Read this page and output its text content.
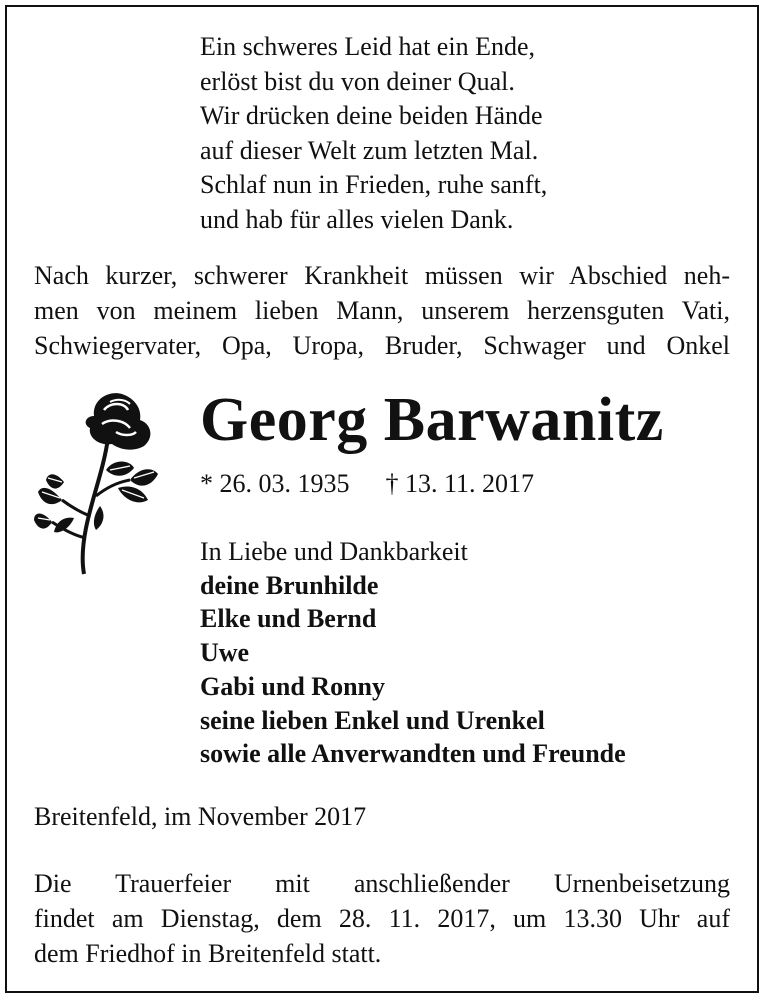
Ein schweres Leid hat ein Ende,
erlöst bist du von deiner Qual.
Wir drücken deine beiden Hände
auf dieser Welt zum letzten Mal.
Schlaf nun in Frieden, ruhe sanft,
und hab für alles vielen Dank.
Nach kurzer, schwerer Krankheit müssen wir Abschied neh-
men von meinem lieben Mann, unserem herzensguten Vati,
Schwiegervater, Opa, Uropa, Bruder, Schwager und Onkel
Georg Barwanitz
* 26. 03. 1935 † 13. 11. 2017
In Liebe und Dankbarkeit
deine Brunhilde
Elke und Bernd
Uwe
Gabi und Ronny
seine lieben Enkel und Urenkel
sowie alle Anverwandten und Freunde
Breitenfeld, im November 2017
Die Trauerfeier mit anschließender Urnenbeisetzung
findet am Dienstag, dem 28. 11. 2017, um 13.30 Uhr auf
dem Friedhof in Breitenfeld statt.
